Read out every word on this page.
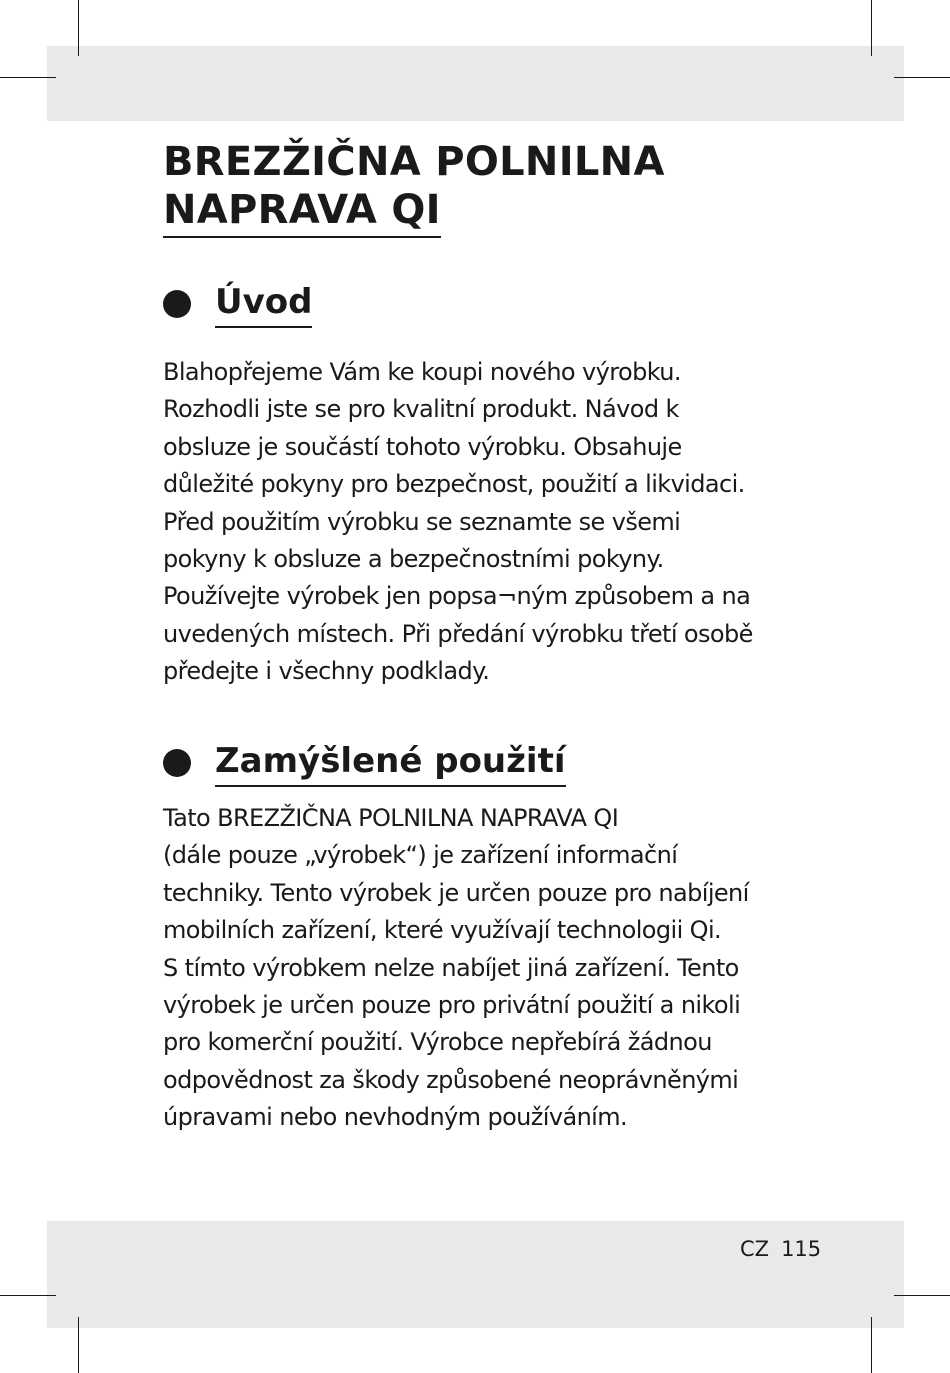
BREZŽIČNA POLNILNA
NAPRAVA QI
Úvod

Blahopřejeme Vám ke koupi nového výrobku.
Rozhodli jste se pro kvalitní produkt. Návod k
obsluze je součástí tohoto výrobku. Obsahuje
důležité pokyny pro bezpečnost, použití a likvidaci.
Před použitím výrobku se seznamte se všemi
pokyny k obsluze a bezpečnostními pokyny.
Používejte výrobek jen popsa¬ným způsobem a na
uvedených místech. Při předání výrobku třetí osobě
předejte i všechny podklady.

Zamýšlené použití

Tato BREZŽIČNA POLNILNA NAPRAVA QI
(dále pouze „výrobek“) je zařízení informační
techniky. Tento výrobek je určen pouze pro nabíjení
mobilních zařízení, které využívají technologii Qi.
S tímto výrobkem nelze nabíjet jiná zařízení. Tento
výrobek je určen pouze pro privátní použití a nikoli
pro komerční použití. Výrobce nepřebírá žádnou
odpovědnost za škody způsobené neoprávněnými
úpravami nebo nevhodným používáním.

CZ 115
